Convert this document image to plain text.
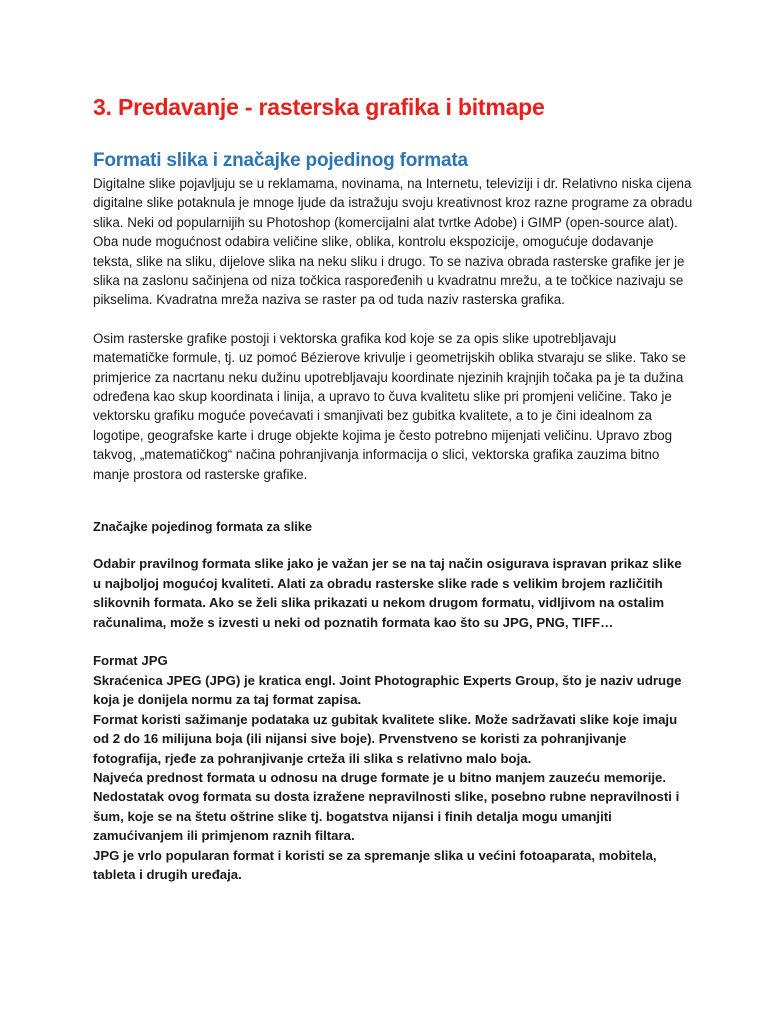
3. Predavanje - rasterska grafika i bitmape
Formati slika i značajke pojedinog formata

Digitalne slike pojavljuju se u reklamama, novinama, na Internetu, televiziji i dr. Relativno niska cijena digitalne slike potaknula je mnoge ljude da istražuju svoju kreativnost kroz razne programe za obradu slika. Neki od popularnijih su Photoshop (komercijalni alat tvrtke Adobe) i GIMP (open-source alat). Oba nude mogućnost odabira veličine slike, oblika, kontrolu ekspozicije, omogućuje dodavanje teksta, slike na sliku, dijelove slika na neku sliku i drugo. To se naziva obrada rasterske grafike jer je slika na zaslonu sačinjena od niza točkica raspoređenih u kvadratnu mrežu, a te točkice nazivaju se pikselima. Kvadratna mreža naziva se raster pa od tuda naziv rasterska grafika.

Osim rasterske grafike postoji i vektorska grafika kod koje se za opis slike upotrebljavaju matematičke formule, tj. uz pomoć Bézierove krivulje i geometrijskih oblika stvaraju se slike. Tako se primjerice za nacrtanu neku dužinu upotrebljavaju koordinate njezinih krajnjih točaka pa je ta dužina određena kao skup koordinata i linija, a upravo to čuva kvalitetu slike pri promjeni veličine. Tako je vektorsku grafiku moguće povećavati i smanjivati bez gubitka kvalitete, a to je čini idealnom za logotipe, geografske karte i druge objekte kojima je često potrebno mijenjati veličinu. Upravo zbog takvog, „matematičkog“ načina pohranjivanja informacija o slici, vektorska grafika zauzima bitno manje prostora od rasterske grafike.

Značajke pojedinog formata za slike

Odabir pravilnog formata slike jako je važan jer se na taj način osigurava ispravan prikaz slike u najboljoj mogućoj kvaliteti. Alati za obradu rasterske slike rade s velikim brojem različitih slikovnih formata. Ako se želi slika prikazati u nekom drugom formatu, vidljivom na ostalim računalima, može s izvesti u neki od poznatih formata kao što su JPG, PNG, TIFF…

Format JPG
Skraćenica JPEG (JPG) je kratica engl. Joint Photographic Experts Group, što je naziv udruge koja je donijela normu za taj format zapisa.
Format koristi sažimanje podataka uz gubitak kvalitete slike. Može sadržavati slike koje imaju od 2 do 16 milijuna boja (ili nijansi sive boje). Prvenstveno se koristi za pohranjivanje fotografija, rjeđe za pohranjivanje crteža ili slika s relativno malo boja.
Najveća prednost formata u odnosu na druge formate je u bitno manjem zauzeću memorije.
Nedostatak ovog formata su dosta izražene nepravilnosti slike, posebno rubne nepravilnosti i šum, koje se na štetu oštrine slike tj. bogatstva nijansi i finih detalja mogu umanjiti zamućivanjem ili primjenom raznih filtara.
JPG je vrlo popularan format i koristi se za spremanje slika u većini fotoaparata, mobitela, tableta i drugih uređaja.
